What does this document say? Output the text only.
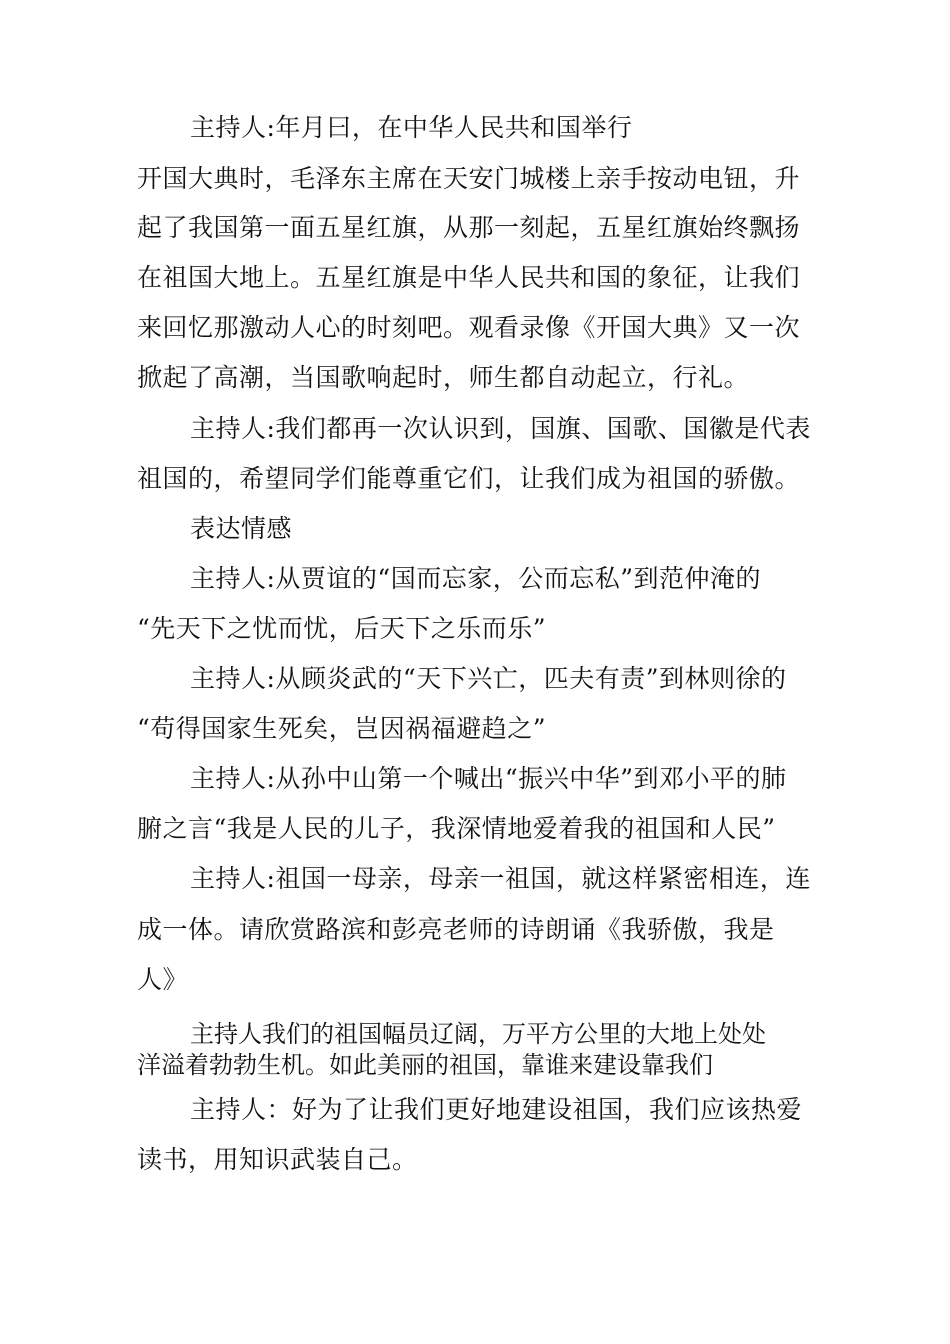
主持人:年月曰，在中华人民共和国举行
开国大典时，毛泽东主席在天安门城楼上亲手按动电钮，升
起了我国第一面五星红旗，从那一刻起，五星红旗始终飘扬
在祖国大地上。五星红旗是中华人民共和国的象征，让我们
来回忆那激动人心的时刻吧。观看录像《开国大典》又一次
掀起了高潮，当国歌响起时，师生都自动起立，行礼。
主持人:我们都再一次认识到，国旗、国歌、国徽是代表
祖国的，希望同学们能尊重它们，让我们成为祖国的骄傲。
表达情感
主持人:从贾谊的“国而忘家，公而忘私”到范仲淹的
“先天下之忧而忧，后天下之乐而乐”
主持人:从顾炎武的“天下兴亡，匹夫有责”到林则徐的
“苟得国家生死矣，岂因祸福避趋之”
主持人:从孙中山第一个喊出“振兴中华”到邓小平的肺
腑之言“我是人民的儿子，我深情地爱着我的祖国和人民”
主持人:祖国一母亲，母亲一祖国，就这样紧密相连，连
成一体。请欣赏路滨和彭亮老师的诗朗诵《我骄傲，我是
人》
主持人我们的祖国幅员辽阔，万平方公里的大地上处处
洋溢着勃勃生机。如此美丽的祖国，靠谁来建设靠我们
主持人：好为了让我们更好地建设祖国，我们应该热爱
读书，用知识武装自己。
